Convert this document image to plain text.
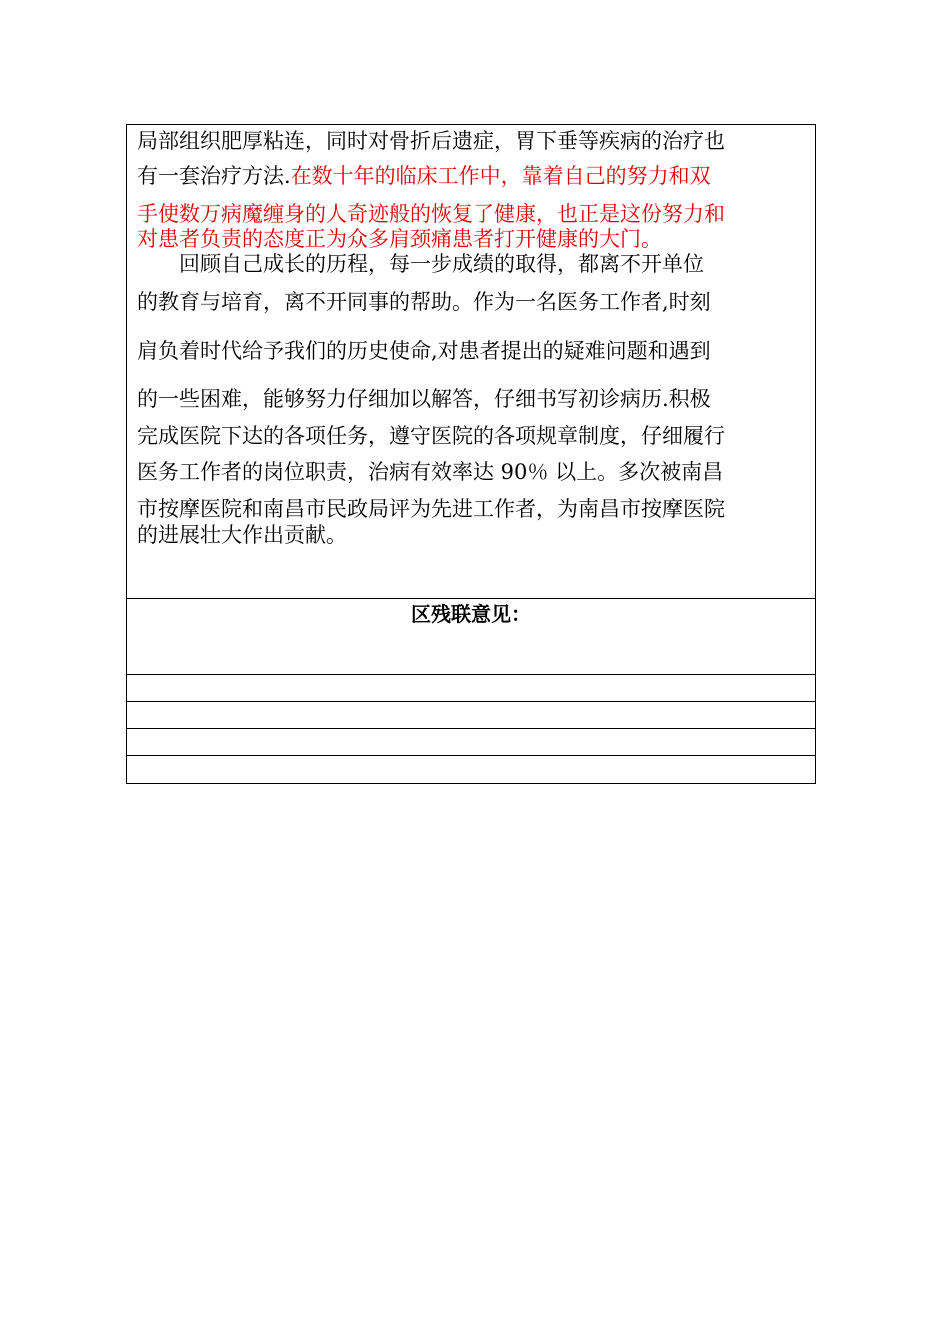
局部组织肥厚粘连，同时对骨折后遗症，胃下垂等疾病的治疗也
有一套治疗方法.在数十年的临床工作中，靠着自己的努力和双
手使数万病魔缠身的人奇迹般的恢复了健康，也正是这份努力和
对患者负责的态度正为众多肩颈痛患者打开健康的大门。
　　回顾自己成长的历程，每一步成绩的取得，都离不开单位
的教育与培育，离不开同事的帮助。作为一名医务工作者,时刻
肩负着时代给予我们的历史使命,对患者提出的疑难问题和遇到
的一些困难，能够努力仔细加以解答，仔细书写初诊病历.积极
完成医院下达的各项任务，遵守医院的各项规章制度，仔细履行
医务工作者的岗位职责，治病有效率达 90％ 以上。多次被南昌
市按摩医院和南昌市民政局评为先进工作者，为南昌市按摩医院
的进展壮大作出贡献。
区残联意见：
